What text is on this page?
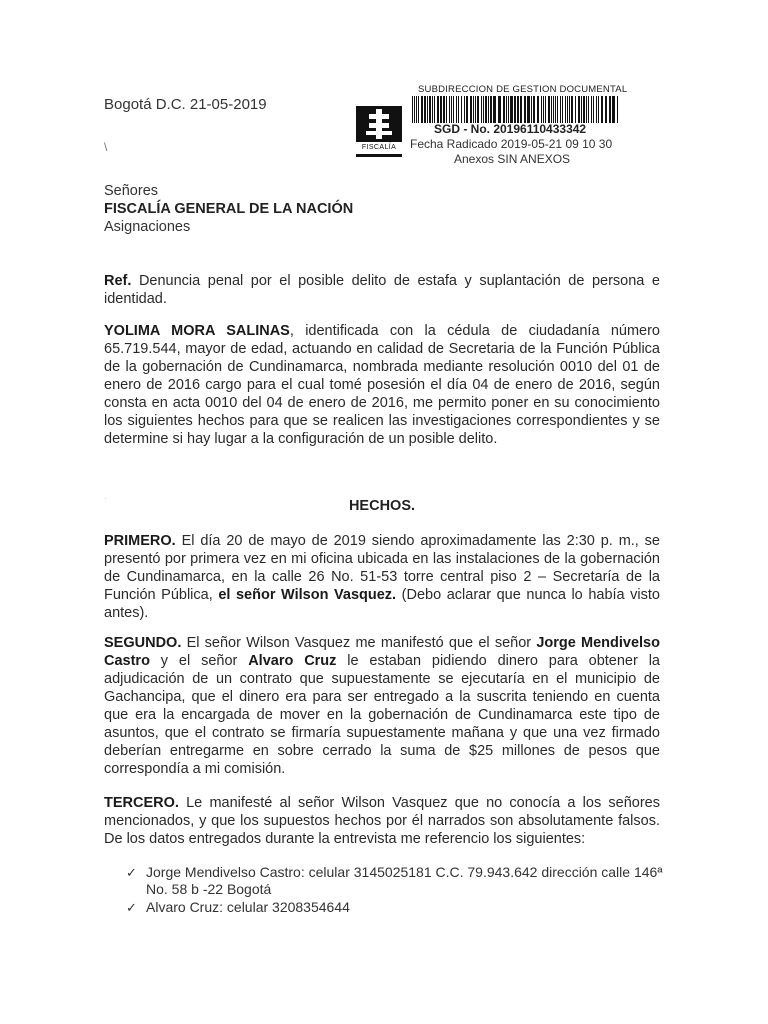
Bogotá D.C. 21-05-2019
\	FISCALÍA
SUBDIRECCION DE GESTION DOCUMENTAL
SGD - No. 20196110433342
Fecha Radicado 2019-05-21 09 10 30
Anexos SIN ANEXOS
Señores
FISCALÍA GENERAL DE LA NACIÓN
Asignaciones
Ref. Denuncia penal por el posible delito de estafa y suplantación de persona e identidad.
YOLIMA MORA SALINAS, identificada con la cédula de ciudadanía número 65.719.544, mayor de edad, actuando en calidad de Secretaria de la Función Pública de la gobernación de Cundinamarca, nombrada mediante resolución 0010 del 01 de enero de 2016 cargo para el cual tomé posesión el día 04 de enero de 2016, según consta en acta 0010 del 04 de enero de 2016, me permito poner en su conocimiento los siguientes hechos para que se realicen las investigaciones correspondientes y se determine si hay lugar a la configuración de un posible delito.
·	HECHOS.
PRIMERO. El día 20 de mayo de 2019 siendo aproximadamente las 2:30 p. m., se presentó por primera vez en mi oficina ubicada en las instalaciones de la gobernación de Cundinamarca, en la calle 26 No. 51-53 torre central piso 2 – Secretaría de la Función Pública, el señor Wilson Vasquez. (Debo aclarar que nunca lo había visto antes).
SEGUNDO. El señor Wilson Vasquez me manifestó que el señor Jorge Mendivelso Castro y el señor Alvaro Cruz le estaban pidiendo dinero para obtener la adjudicación de un contrato que supuestamente se ejecutaría en el municipio de Gachancipa, que el dinero era para ser entregado a la suscrita teniendo en cuenta que era la encargada de mover en la gobernación de Cundinamarca este tipo de asuntos, que el contrato se firmaría supuestamente mañana y que una vez firmado deberían entregarme en sobre cerrado la suma de $25 millones de pesos que correspondía a mi comisión.
TERCERO. Le manifesté al señor Wilson Vasquez que no conocía a los señores mencionados, y que los supuestos hechos por él narrados son absolutamente falsos. De los datos entregados durante la entrevista me referencio los siguientes:
✓ Jorge Mendivelso Castro: celular 3145025181 C.C. 79.943.642 dirección calle 146ª No. 58 b -22 Bogotá
✓ Alvaro Cruz: celular 3208354644
